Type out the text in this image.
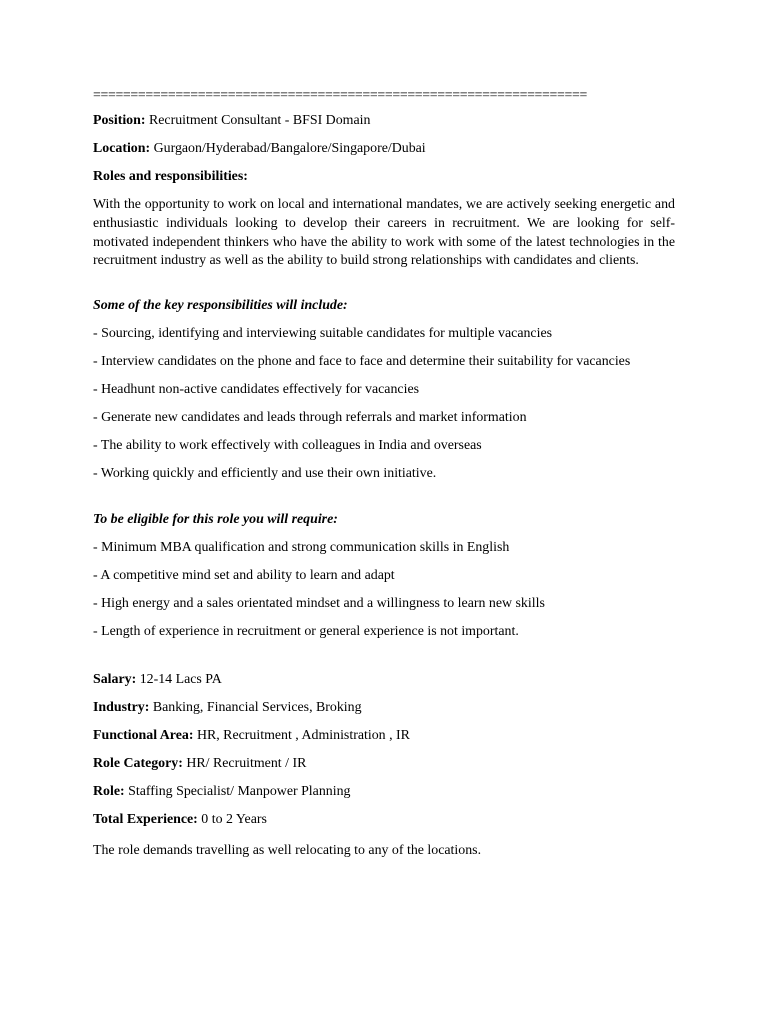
==================================================================
Position: Recruitment Consultant - BFSI Domain
Location: Gurgaon/Hyderabad/Bangalore/Singapore/Dubai
Roles and responsibilities:
With the opportunity to work on local and international mandates, we are actively seeking energetic and enthusiastic individuals looking to develop their careers in recruitment. We are looking for self-motivated independent thinkers who have the ability to work with some of the latest technologies in the recruitment industry as well as the ability to build strong relationships with candidates and clients.
Some of the key responsibilities will include:
- Sourcing, identifying and interviewing suitable candidates for multiple vacancies
- Interview candidates on the phone and face to face and determine their suitability for vacancies
- Headhunt non-active candidates effectively for vacancies
- Generate new candidates and leads through referrals and market information
- The ability to work effectively with colleagues in India and overseas
- Working quickly and efficiently and use their own initiative.
To be eligible for this role you will require:
- Minimum MBA qualification and strong communication skills in English
- A competitive mind set and ability to learn and adapt
- High energy and a sales orientated mindset and a willingness to learn new skills
- Length of experience in recruitment or general experience is not important.
Salary: 12-14 Lacs PA
Industry: Banking, Financial Services, Broking
Functional Area: HR, Recruitment , Administration , IR
Role Category: HR/ Recruitment / IR
Role: Staffing Specialist/ Manpower Planning
Total Experience: 0 to 2 Years
The role demands travelling as well relocating to any of the locations.
